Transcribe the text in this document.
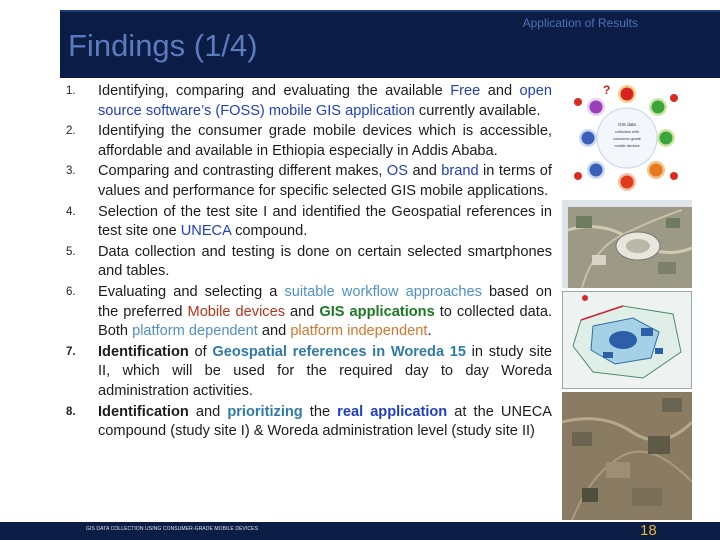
Application of Results
Findings (1/4)
1. Identifying, comparing and evaluating the available Free and open source software’s (FOSS) mobile GIS application currently available.
2. Identifying the consumer grade mobile devices which is accessible, affordable and available in Ethiopia especially in Addis Ababa.
3. Comparing and contrasting different makes, OS and brand in terms of values and performance for specific selected GIS mobile applications.
4. Selection of the test site I and identified the Geospatial references in test site one UNECA compound.
5. Data collection and testing is done on certain selected smartphones and tables.
6. Evaluating and selecting a suitable workflow approaches based on the preferred Mobile devices and GIS applications to collected data. Both platform dependent and platform independent.
7. Identification of Geospatial references in Woreda 15 in study site II, which will be used for the required day to day Woreda administration activities.
8. Identification and prioritizing the real application at the UNECA compound (study site I) & Woreda administration level (study site II)
GIS data
collection with
consumer-grade
mobile devices
?
GIS DATA COLLECTION USING CONSUMER-GRADE MOBILE DEVICES	18
